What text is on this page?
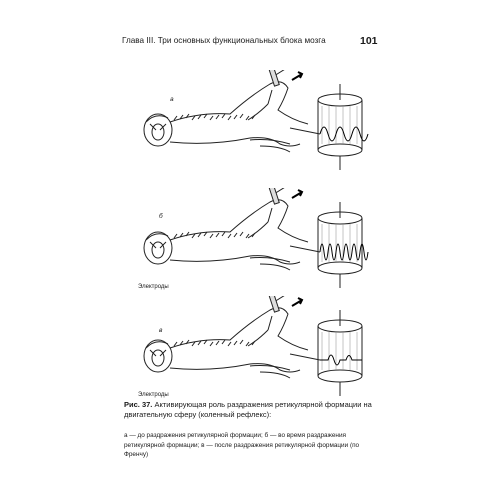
Глава III. Три основных функциональных блока мозга	101
а
б
Электроды
в
Электроды
Рис. 37. Активирующая роль раздражения ретикулярной формации на двигательную сферу (коленный рефлекс):
а — до раздражения ретикулярной формации; б — во время раздражения ретикулярной формации; в — после раздражения ретикулярной формации (по Френчу)
